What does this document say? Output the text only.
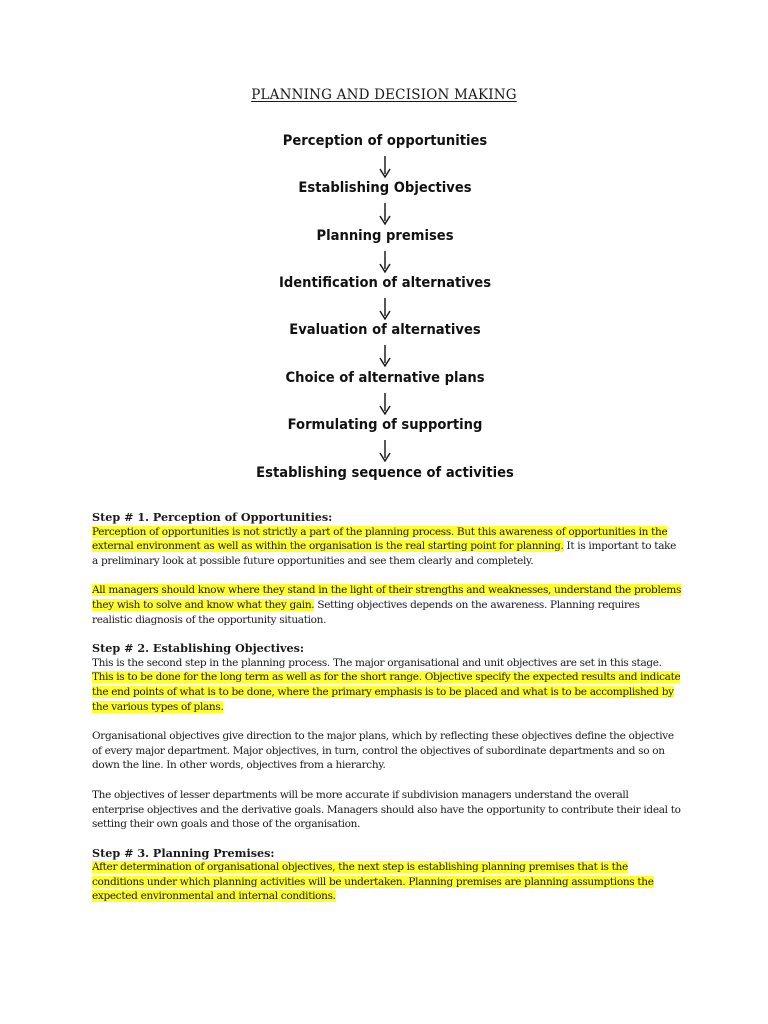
PLANNING AND DECISION MAKING
Perception of opportunities
Establishing Objectives
Planning premises
Identification of alternatives
Evaluation of alternatives
Choice of alternative plans
Formulating of supporting
Establishing sequence of activities
Step # 1. Perception of Opportunities:

Perception of opportunities is not strictly a part of the planning process. But this awareness of opportunities in the external environment as well as within the organisation is the real starting point for planning. It is important to take a preliminary look at possible future opportunities and see them clearly and completely.

All managers should know where they stand in the light of their strengths and weaknesses, understand the problems they wish to solve and know what they gain. Setting objectives depends on the awareness. Planning requires realistic diagnosis of the opportunity situation.

Step # 2. Establishing Objectives:

This is the second step in the planning process. The major organisational and unit objectives are set in this stage. This is to be done for the long term as well as for the short range. Objective specify the expected results and indicate the end points of what is to be done, where the primary emphasis is to be placed and what is to be accomplished by the various types of plans.

Organisational objectives give direction to the major plans, which by reflecting these objectives define the objective of every major department. Major objectives, in turn, control the objectives of subordinate departments and so on down the line. In other words, objectives from a hierarchy.

The objectives of lesser departments will be more accurate if subdivision managers understand the overall enterprise objectives and the derivative goals. Managers should also have the opportunity to contribute their ideal to setting their own goals and those of the organisation.

Step # 3. Planning Premises:

After determination of organisational objectives, the next step is establishing planning premises that is the conditions under which planning activities will be undertaken. Planning premises are planning assumptions the expected environmental and internal conditions.
